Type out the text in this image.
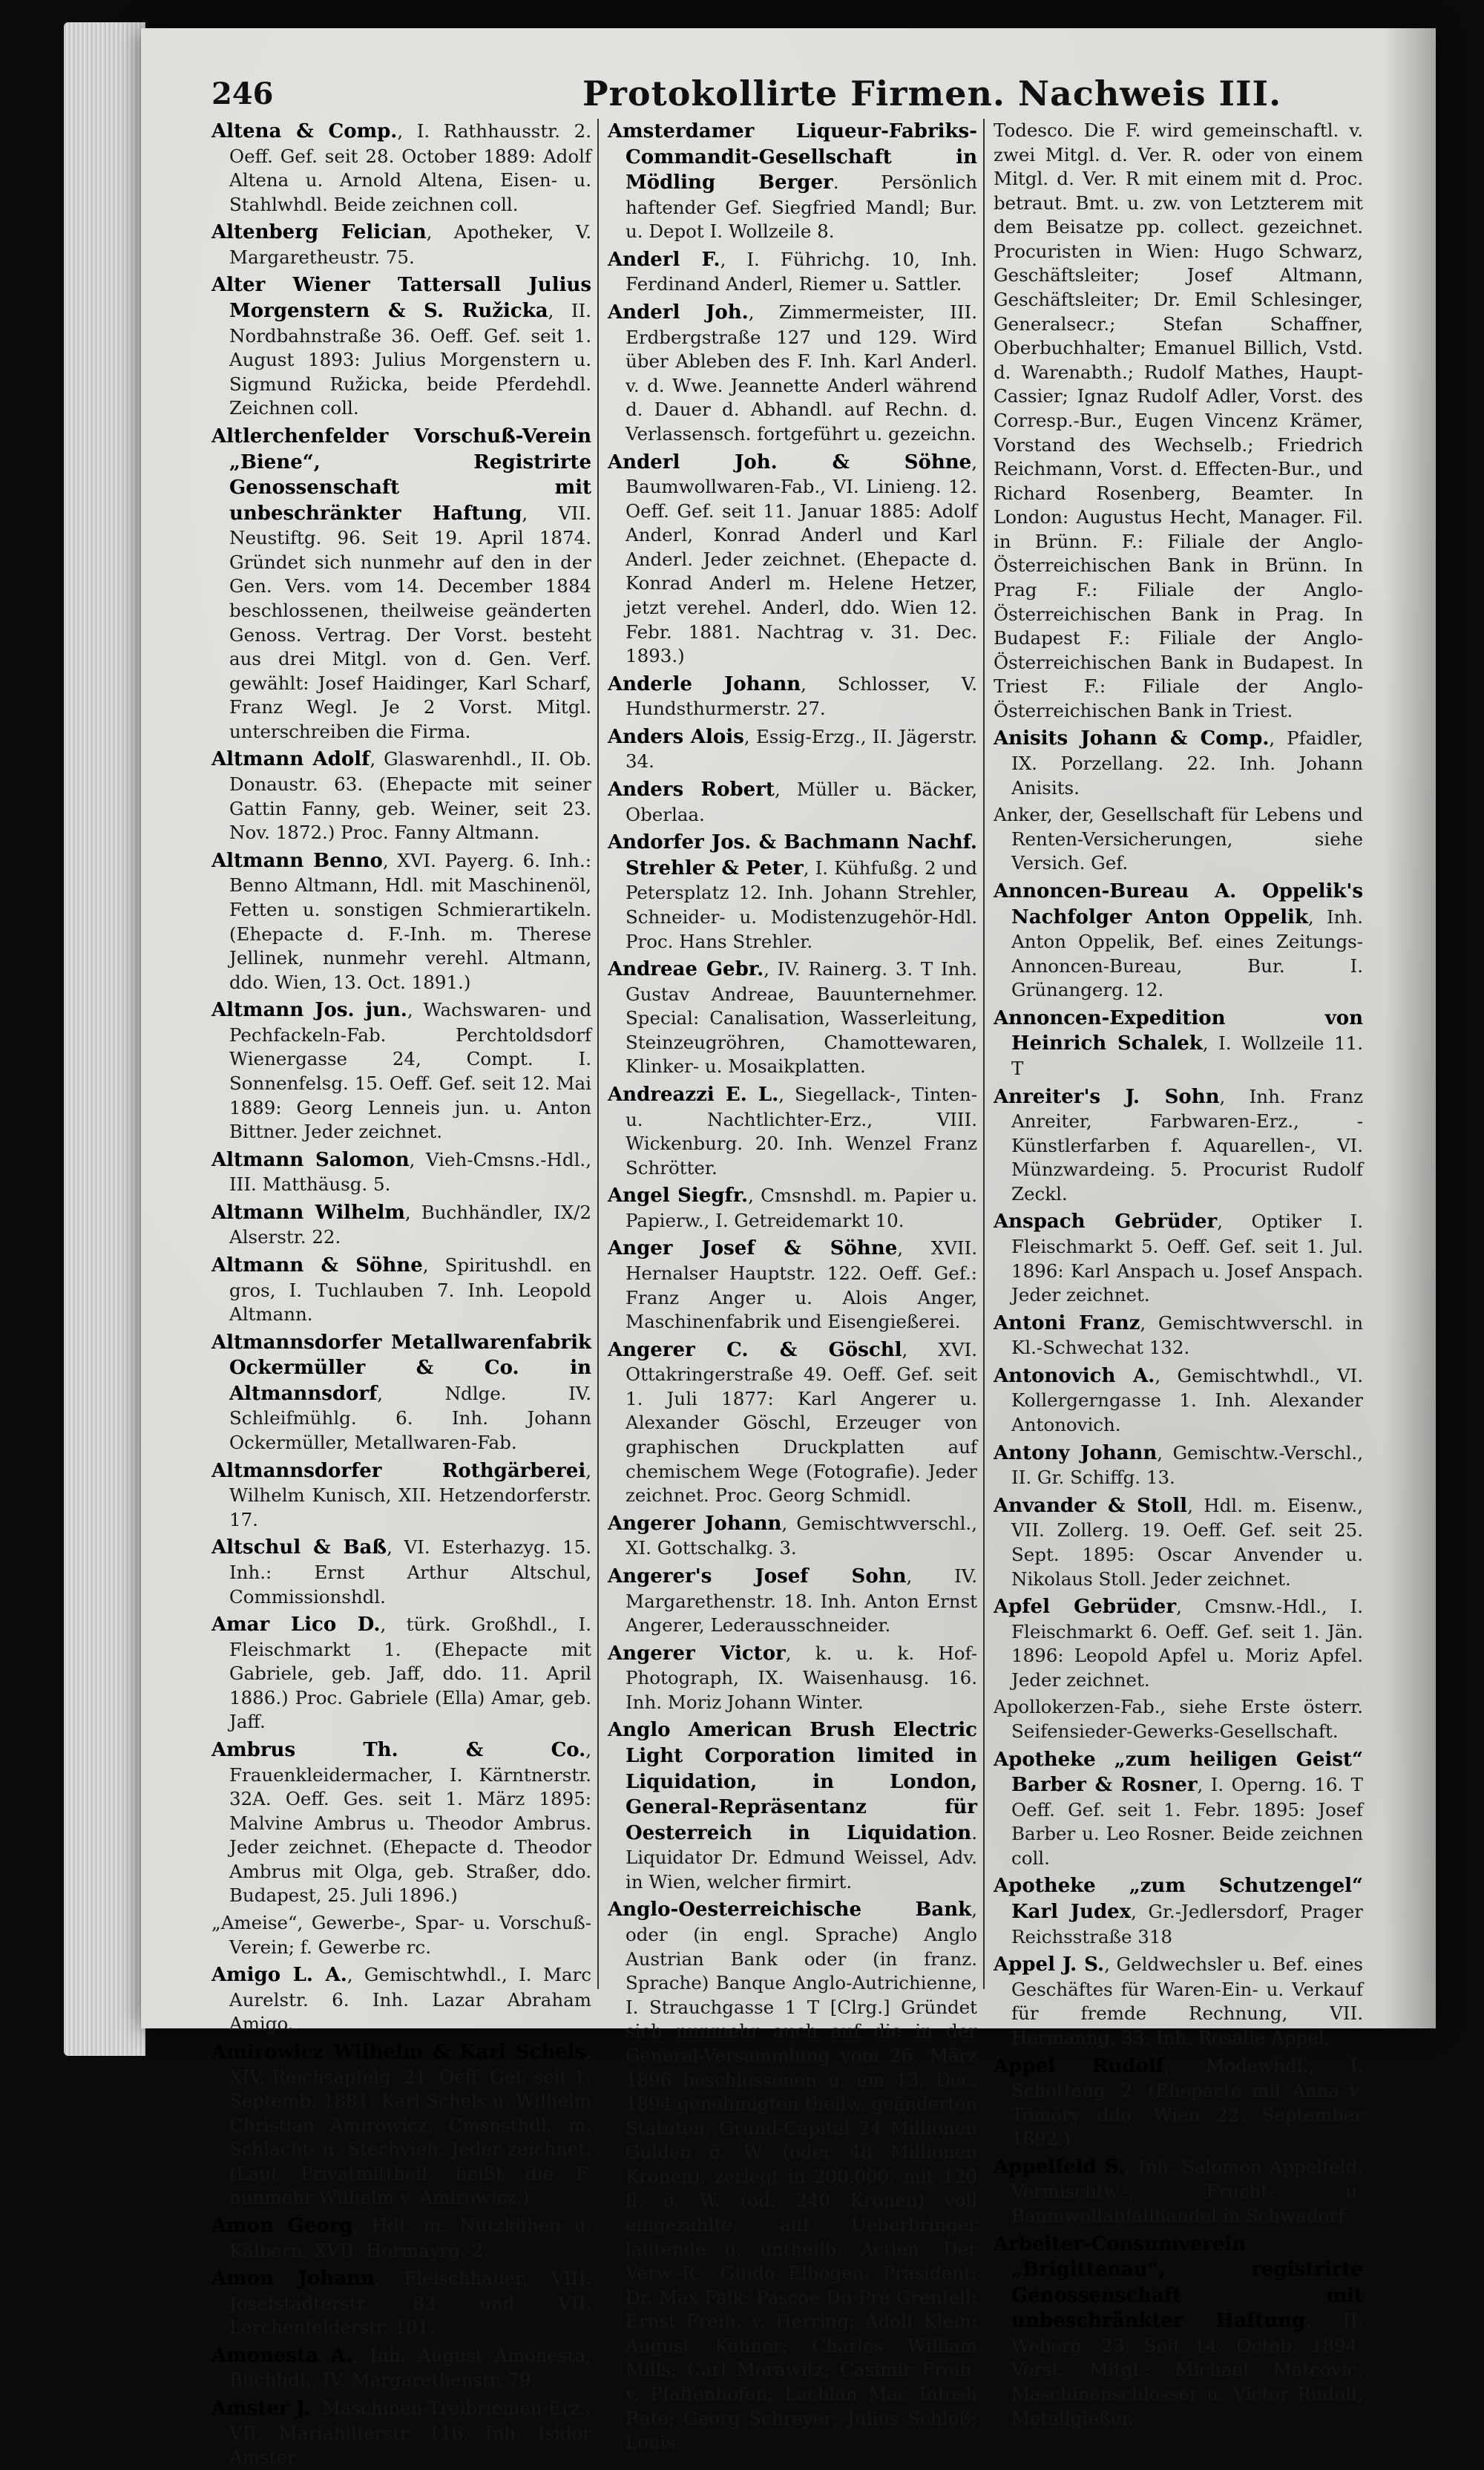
246	Protokollirte Firmen. Nachweis III.

Altena & Comp., I. Rathhausstr. 2. Oeff. Gef. seit 28. October 1889: Adolf Altena u. Arnold Altena, Eisen- u. Stahlwhdl. Beide zeichnen coll.

Altenberg Felician, Apotheker, V. Margaretheustr. 75.

Alter Wiener Tattersall Julius Morgenstern & S. Ružicka, II. Nordbahnstraße 36. Oeff. Gef. seit 1. August 1893: Julius Morgenstern u. Sigmund Ružicka, beide Pferdehdl. Zeichnen coll.

Altlerchenfelder Vorschuß-Verein „Biene“, Registrirte Genossenschaft mit unbeschränkter Haftung, VII. Neustiftg. 96. Seit 19. April 1874. Gründet sich nunmehr auf den in der Gen. Vers. vom 14. December 1884 beschlossenen, theilweise geänderten Genoss. Vertrag. Der Vorst. besteht aus drei Mitgl. von d. Gen. Verf. gewählt: Josef Haidinger, Karl Scharf, Franz Wegl. Je 2 Vorst. Mitgl. unterschreiben die Firma.

Altmann Adolf, Glaswarenhdl., II. Ob. Donaustr. 63. (Ehepacte mit seiner Gattin Fanny, geb. Weiner, seit 23. Nov. 1872.) Proc. Fanny Altmann.

Altmann Benno, XVI. Payerg. 6. Inh.: Benno Altmann, Hdl. mit Maschinenöl, Fetten u. sonstigen Schmierartikeln. (Ehepacte d. F.-Inh. m. Therese Jellinek, nunmehr verehl. Altmann, ddo. Wien, 13. Oct. 1891.)

Altmann Jos. jun., Wachswaren- und Pechfackeln-Fab. Perchtoldsdorf Wienergasse 24, Compt. I. Sonnenfelsg. 15. Oeff. Gef. seit 12. Mai 1889: Georg Lenneis jun. u. Anton Bittner. Jeder zeichnet.

Altmann Salomon, Vieh-Cmsns.-Hdl., III. Matthäusg. 5.

Altmann Wilhelm, Buchhändler, IX/2 Alserstr. 22.

Altmann & Söhne, Spiritushdl. en gros, I. Tuchlauben 7. Inh. Leopold Altmann.

Altmannsdorfer Metallwarenfabrik Ockermüller & Co. in Altmannsdorf, Ndlge. IV. Schleifmühlg. 6. Inh. Johann Ockermüller, Metallwaren-Fab.

Altmannsdorfer Rothgärberei, Wilhelm Kunisch, XII. Hetzendorferstr. 17.

Altschul & Baß, VI. Esterhazyg. 15. Inh.: Ernst Arthur Altschul, Commissionshdl.

Amar Lico D., türk. Großhdl., I. Fleischmarkt 1. (Ehepacte mit Gabriele, geb. Jaff, ddo. 11. April 1886.) Proc. Gabriele (Ella) Amar, geb. Jaff.

Ambrus Th. & Co., Frauenkleidermacher, I. Kärntnerstr. 32A. Oeff. Ges. seit 1. März 1895: Malvine Ambrus u. Theodor Ambrus. Jeder zeichnet. (Ehepacte d. Theodor Ambrus mit Olga, geb. Straßer, ddo. Budapest, 25. Juli 1896.)

„Ameise“, Gewerbe-, Spar- u. Vorschuß-Verein; f. Gewerbe rc.

Amigo L. A., Gemischtwhdl., I. Marc Aurelstr. 6. Inh. Lazar Abraham Amigo.

Amirowicz Wilhelm & Karl Schels, XIV. Reichsapfelg. 21. Oeff. Gef. seit 1. Septemb. 1881: Karl Schels u. Wilhelm Christian Amirowicz, Cmsnsthdl. m. Schlacht- u. Stechvieh. Jeder zeichnet. (Laut Privatmittheil. heißt die F. nunmehr Wilhelm v. Amirowicz.)

Amon Georg, Hdl. m. Nutzkühen u. Kälbern, XVII. Hormayrg. 2.

Amon Johann, Fleischhauer, VIII. Josefstädterstr. 83 und VII. Lerchenfelderstr. 101.

Amonesta A., Inh. August Amonesta, Buchhdl., IV. Margarethenstr. 79.

Amster J., Maschinen-Treibriemen-Erz., VII. Mariahilferstr. 116. Inh. Isidor Amster.

Amsterdamer Liqueur-Fabriks-Commandit-Gesellschaft in Mödling Berger. Persönlich haftender Gef. Siegfried Mandl; Bur. u. Depot I. Wollzeile 8.

Anderl F., I. Führichg. 10, Inh. Ferdinand Anderl, Riemer u. Sattler.

Anderl Joh., Zimmermeister, III. Erdbergstraße 127 und 129. Wird über Ableben des F. Inh. Karl Anderl. v. d. Wwe. Jeannette Anderl während d. Dauer d. Abhandl. auf Rechn. d. Verlassensch. fortgeführt u. gezeichn.

Anderl Joh. & Söhne, Baumwollwaren-Fab., VI. Linieng. 12. Oeff. Gef. seit 11. Januar 1885: Adolf Anderl, Konrad Anderl und Karl Anderl. Jeder zeichnet. (Ehepacte d. Konrad Anderl m. Helene Hetzer, jetzt verehel. Anderl, ddo. Wien 12. Febr. 1881. Nachtrag v. 31. Dec. 1893.)

Anderle Johann, Schlosser, V. Hundsthurmerstr. 27.

Anders Alois, Essig-Erzg., II. Jägerstr. 34.

Anders Robert, Müller u. Bäcker, Oberlaa.

Andorfer Jos. & Bachmann Nachf. Strehler & Peter, I. Kühfußg. 2 und Petersplatz 12. Inh. Johann Strehler, Schneider- u. Modistenzugehör-Hdl. Proc. Hans Strehler.

Andreae Gebr., IV. Rainerg. 3. T Inh. Gustav Andreae, Bauunternehmer. Special: Canalisation, Wasserleitung, Steinzeugröhren, Chamottewaren, Klinker- u. Mosaikplatten.

Andreazzi E. L., Siegellack-, Tinten- u. Nachtlichter-Erz., VIII. Wickenburg. 20. Inh. Wenzel Franz Schrötter.

Angel Siegfr., Cmsnshdl. m. Papier u. Papierw., I. Getreidemarkt 10.

Anger Josef & Söhne, XVII. Hernalser Hauptstr. 122. Oeff. Gef.: Franz Anger u. Alois Anger, Maschinenfabrik und Eisengießerei.

Angerer C. & Göschl, XVI. Ottakringerstraße 49. Oeff. Gef. seit 1. Juli 1877: Karl Angerer u. Alexander Göschl, Erzeuger von graphischen Druckplatten auf chemischem Wege (Fotografie). Jeder zeichnet. Proc. Georg Schmidl.

Angerer Johann, Gemischtwverschl., XI. Gottschalkg. 3.

Angerer's Josef Sohn, IV. Margarethenstr. 18. Inh. Anton Ernst Angerer, Lederausschneider.

Angerer Victor, k. u. k. Hof-Photograph, IX. Waisenhausg. 16. Inh. Moriz Johann Winter.

Anglo American Brush Electric Light Corporation limited in Liquidation, in London, General-Repräsentanz für Oesterreich in Liquidation. Liquidator Dr. Edmund Weissel, Adv. in Wien, welcher firmirt.

Anglo-Oesterreichische Bank, oder (in engl. Sprache) Anglo Austrian Bank oder (in franz. Sprache) Banque Anglo-Autrichienne, I. Strauchgasse 1 T [Clrg.] Gründet sich nunmehr auch auf die in der General-Versammlung vom 26. März 1896 beschlossenen u. am 13. Dec. 1894 genehmigten theilw. geänderten Statuten. Grund-Capital 24 Millionen Gulden ö. W. (oder 48 Millionen Kronen), zerlegt in 200.000, mit 120 fl. ö. W. (od. 240 Kronen) voll eingezahlte, auf Ueberbringer lautende u. untheilb. Actien. Der Verw.-R.: Guido Elbogen, Präsident; Dr. Max Falk; Pascoe Du Pré Grenfell; Ernst Freih. v. Herring; Adolf Klein; August Kohner; Charles William Mills; Carl Morawitz; Casimir Freih. v. Pfaffenhofen; Lachlan Mac Intosh Rate; Georg Schreyer; Julius Schloß; Louis

Todesco. Die F. wird gemeinschaftl. v. zwei Mitgl. d. Ver. R. oder von einem Mitgl. d. Ver. R mit einem mit d. Proc. betraut. Bmt. u. zw. von Letzterem mit dem Beisatze pp. collect. gezeichnet. Procuristen in Wien: Hugo Schwarz, Geschäftsleiter; Josef Altmann, Geschäftsleiter; Dr. Emil Schlesinger, Generalsecr.; Stefan Schaffner, Oberbuchhalter; Emanuel Billich, Vstd. d. Warenabth.; Rudolf Mathes, Haupt-Cassier; Ignaz Rudolf Adler, Vorst. des Corresp.-Bur., Eugen Vincenz Krämer, Vorstand des Wechselb.; Friedrich Reichmann, Vorst. d. Effecten-Bur., und Richard Rosenberg, Beamter. In London: Augustus Hecht, Manager. Fil. in Brünn. F.: Filiale der Anglo-Österreichischen Bank in Brünn. In Prag F.: Filiale der Anglo-Österreichischen Bank in Prag. In Budapest F.: Filiale der Anglo-Österreichischen Bank in Budapest. In Triest F.: Filiale der Anglo-Österreichischen Bank in Triest.

Anisits Johann & Comp., Pfaidler, IX. Porzellang. 22. Inh. Johann Anisits.

Anker, der, Gesellschaft für Lebens und Renten-Versicherungen, siehe Versich. Gef.

Annoncen-Bureau A. Oppelik's Nachfolger Anton Oppelik, Inh. Anton Oppelik, Bef. eines Zeitungs-Annoncen-Bureau, Bur. I. Grünangerg. 12.

Annoncen-Expedition von Heinrich Schalek, I. Wollzeile 11. T

Anreiter's J. Sohn, Inh. Franz Anreiter, Farbwaren-Erz., -Künstlerfarben f. Aquarellen-, VI. Münzwardeing. 5. Procurist Rudolf Zeckl.

Anspach Gebrüder, Optiker I. Fleischmarkt 5. Oeff. Gef. seit 1. Jul. 1896: Karl Anspach u. Josef Anspach. Jeder zeichnet.

Antoni Franz, Gemischtwverschl. in Kl.-Schwechat 132.

Antonovich A., Gemischtwhdl., VI. Kollergerngasse 1. Inh. Alexander Antonovich.

Antony Johann, Gemischtw.-Verschl., II. Gr. Schiffg. 13.

Anvander & Stoll, Hdl. m. Eisenw., VII. Zollerg. 19. Oeff. Gef. seit 25. Sept. 1895: Oscar Anvender u. Nikolaus Stoll. Jeder zeichnet.

Apfel Gebrüder, Cmsnw.-Hdl., I. Fleischmarkt 6. Oeff. Gef. seit 1. Jän. 1896: Leopold Apfel u. Moriz Apfel. Jeder zeichnet.

Apollokerzen-Fab., siehe Erste österr. Seifensieder-Gewerks-Gesellschaft.

Apotheke „zum heiligen Geist“ Barber & Rosner, I. Operng. 16. T Oeff. Gef. seit 1. Febr. 1895: Josef Barber u. Leo Rosner. Beide zeichnen coll.

Apotheke „zum Schutzengel“ Karl Judex, Gr.-Jedlersdorf, Prager Reichsstraße 318

Appel J. S., Geldwechsler u. Bef. eines Geschäftes für Waren-Ein- u. Verkauf für fremde Rechnung, VII. Hermanng. 33. Inh. Rosalie Appel.

Appel Rudolf, Modewhdl., I. Schotteng. 2. (Ehepacte mit Anna v. Tömöry ddo. Wien 22. September 1892.)

Appelfeld S., Inh. Salomon Appelfeld, Vermischtw.-, Frucht- u. Baumwollabfallhandel in Schwadorf.

Arbeiter-Consumverein „Brigittenau“, registrirte Genossenschaft mit unbeschränkter Haftung, II. Weberg. 23. Seit 14. Octob. 1894. Vorst. Mitgl.: Michael Matcovic, Maschinenschlosser u. Victor Rudolf, Metallgießer.
